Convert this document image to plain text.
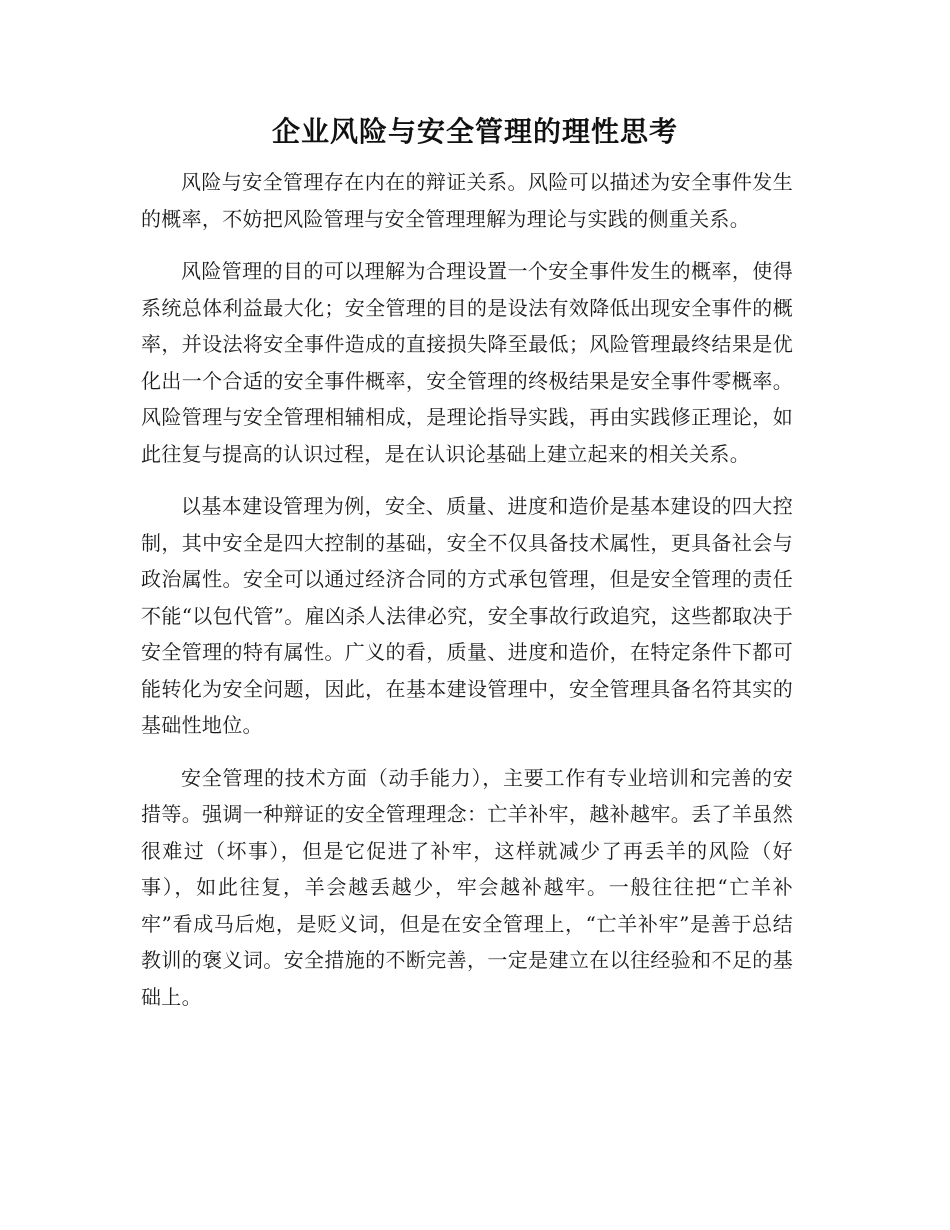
企业风险与安全管理的理性思考

风险与安全管理存在内在的辩证关系。风险可以描述为安全事件发生的概率，不妨把风险管理与安全管理理解为理论与实践的侧重关系。

风险管理的目的可以理解为合理设置一个安全事件发生的概率，使得系统总体利益最大化；安全管理的目的是设法有效降低出现安全事件的概率，并设法将安全事件造成的直接损失降至最低；风险管理最终结果是优化出一个合适的安全事件概率，安全管理的终极结果是安全事件零概率。风险管理与安全管理相辅相成，是理论指导实践，再由实践修正理论，如此往复与提高的认识过程，是在认识论基础上建立起来的相关关系。

以基本建设管理为例，安全、质量、进度和造价是基本建设的四大控制，其中安全是四大控制的基础，安全不仅具备技术属性，更具备社会与政治属性。安全可以通过经济合同的方式承包管理，但是安全管理的责任不能“以包代管”。雇凶杀人法律必究，安全事故行政追究，这些都取决于安全管理的特有属性。广义的看，质量、进度和造价，在特定条件下都可能转化为安全问题，因此，在基本建设管理中，安全管理具备名符其实的基础性地位。

安全管理的技术方面（动手能力），主要工作有专业培训和完善的安措等。强调一种辩证的安全管理理念：亡羊补牢，越补越牢。丢了羊虽然很难过（坏事），但是它促进了补牢，这样就减少了再丢羊的风险（好事），如此往复，羊会越丢越少，牢会越补越牢。一般往往把“亡羊补牢”看成马后炮，是贬义词，但是在安全管理上，“亡羊补牢”是善于总结教训的褒义词。安全措施的不断完善，一定是建立在以往经验和不足的基础上。
